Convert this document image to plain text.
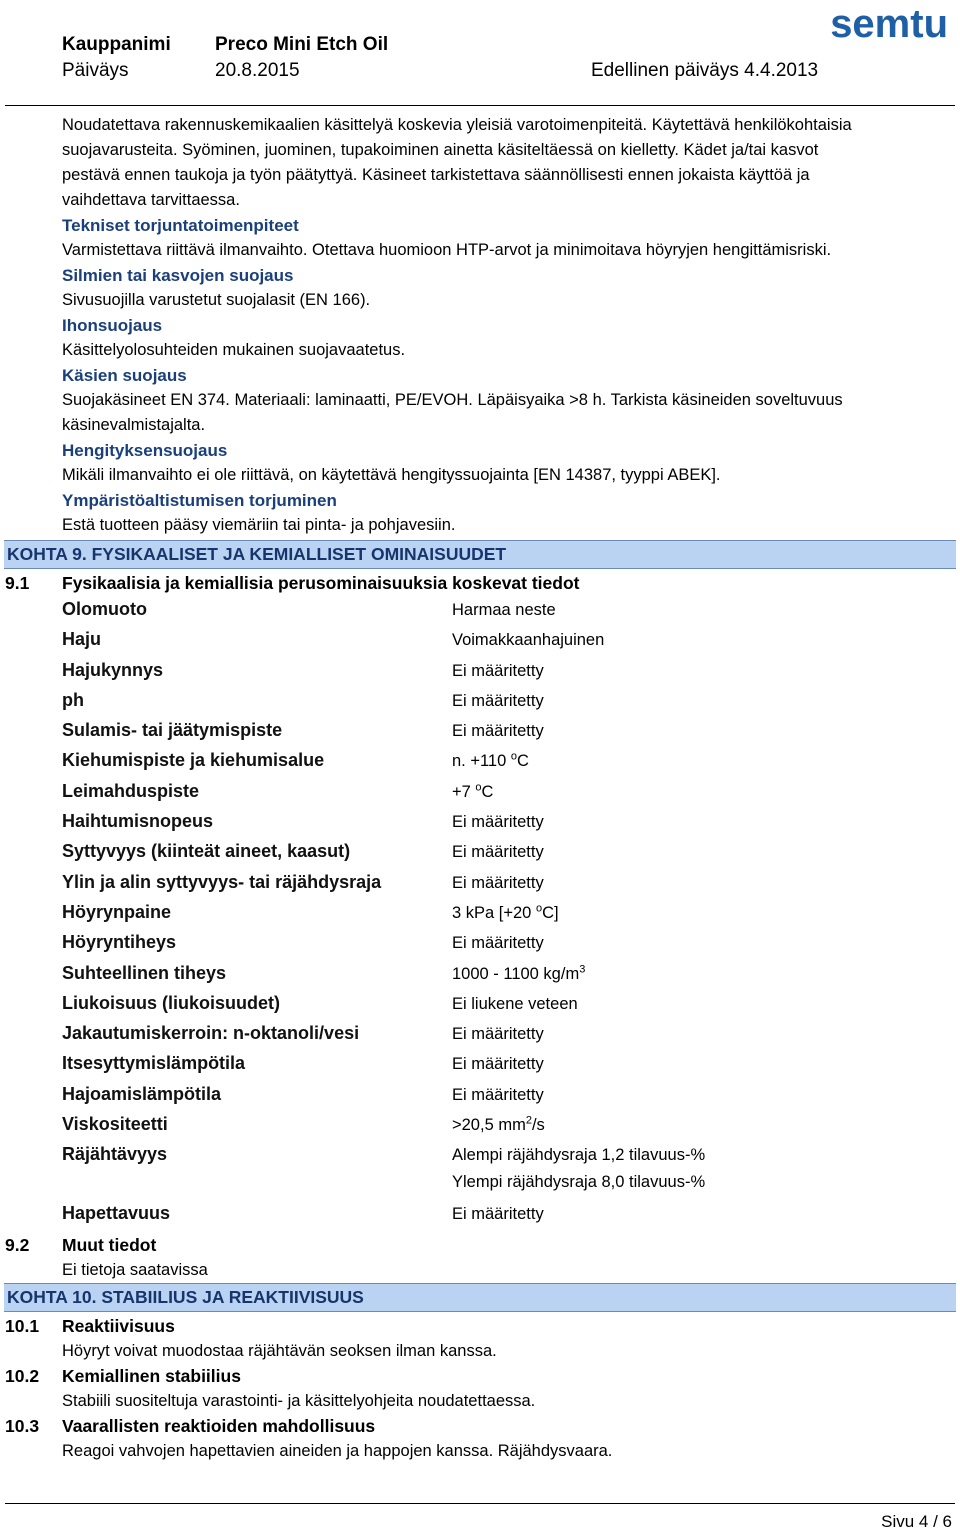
Kauppanimi Preco Mini Etch Oil
Päiväys	20.8.2015	Edellinen päiväys 4.4.2013
semtu
Noudatettava rakennuskemikaalien käsittelyä koskevia yleisiä varotoimenpiteitä. Käytettävä henkilökohtaisia
suojavarusteita. Syöminen, juominen, tupakoiminen ainetta käsiteltäessä on kielletty. Kädet ja/tai kasvot
pestävä ennen taukoja ja työn päätyttyä. Käsineet tarkistettava säännöllisesti ennen jokaista käyttöä ja
vaihdettava tarvittaessa.
Tekniset torjuntatoimenpiteet
Varmistettava riittävä ilmanvaihto. Otettava huomioon HTP-arvot ja minimoitava höyryjen hengittämisriski.
Silmien tai kasvojen suojaus
Sivusuojilla varustetut suojalasit (EN 166).
Ihonsuojaus
Käsittelyolosuhteiden mukainen suojavaatetus.
Käsien suojaus
Suojakäsineet EN 374. Materiaali: laminaatti, PE/EVOH. Läpäisyaika >8 h. Tarkista käsineiden soveltuvuus
käsinevalmistajalta.
Hengityksensuojaus
Mikäli ilmanvaihto ei ole riittävä, on käytettävä hengityssuojainta [EN 14387, tyyppi ABEK].
Ympäristöaltistumisen torjuminen
Estä tuotteen pääsy viemäriin tai pinta- ja pohjavesiin.
KOHTA 9. FYSIKAALISET JA KEMIALLISET OMINAISUUDET
9.1 Fysikaalisia ja kemiallisia perusominaisuuksia koskevat tiedot
Olomuoto	Harmaa neste
Haju	Voimakkaanhajuinen
Hajukynnys	Ei määritetty
ph	Ei määritetty
Sulamis- tai jäätymispiste	Ei määritetty
Kiehumispiste ja kiehumisalue	n. +110 $^o$C
Leimahduspiste	+7 $^o$C
Haihtumisnopeus	Ei määritetty
Syttyvyys (kiinteät aineet, kaasut)	Ei määritetty
Ylin ja alin syttyvyys- tai räjähdysraja	Ei määritetty
Höyrynpaine	3 kPa [+20 $^o$C]
Höyryntiheys	Ei määritetty
Suhteellinen tiheys	1000 - 1100 $kg/m^3$
Liukoisuus (liukoisuudet)	Ei liukene veteen
Jakautumiskerroin: n-oktanoli/vesi	Ei määritetty
Itsesyttymislämpötila	Ei määritetty
Hajoamislämpötila	Ei määritetty
Viskositeetti	>20,5 $mm^2/s$
Räjähtävyys	Alempi räjähdysraja 1,2 tilavuus-%
Ylempi räjähdysraja 8,0 tilavuus-%
Hapettavuus	Ei määritetty
9.2 Muut tiedot
Ei tietoja saatavissa
KOHTA 10. STABIILIUS JA REAKTIIVISUUS
10.1 Reaktiivisuus
Höyryt voivat muodostaa räjähtävän seoksen ilman kanssa.
10.2 Kemiallinen stabiilius
Stabiili suositeltuja varastointi- ja käsittelyohjeita noudatettaessa.
10.3 Vaarallisten reaktioiden mahdollisuus
Reagoi vahvojen hapettavien aineiden ja happojen kanssa. Räjähdysvaara.
Sivu 4 / 6
